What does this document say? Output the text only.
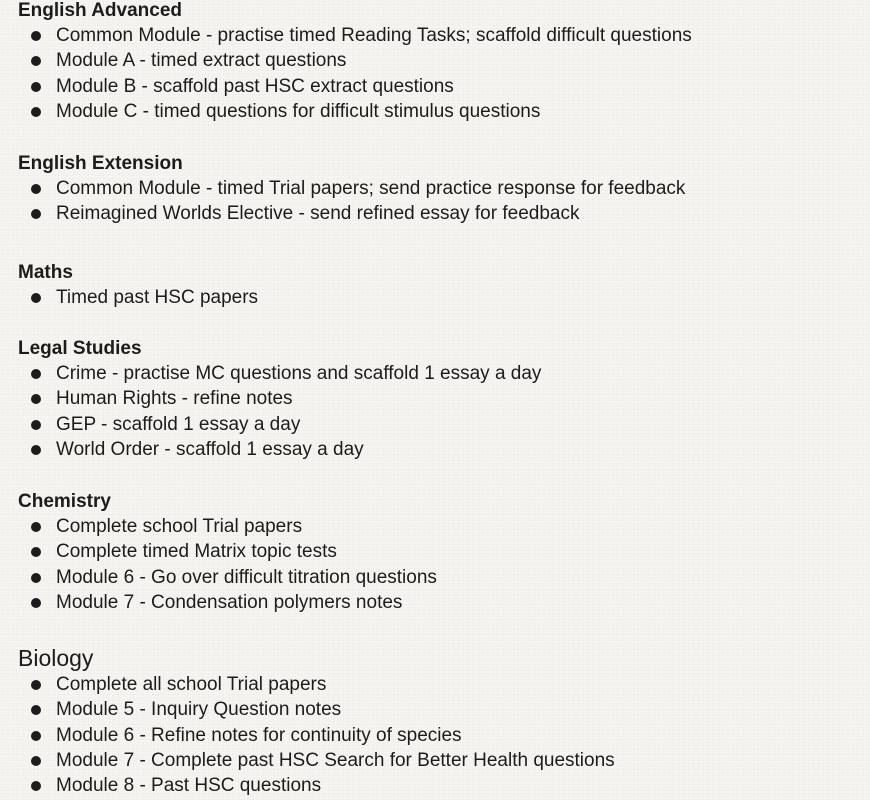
English Advanced
Common Module - practise timed Reading Tasks; scaffold difficult questions
Module A - timed extract questions
Module B - scaffold past HSC extract questions
Module C - timed questions for difficult stimulus questions
English Extension
Common Module - timed Trial papers; send practice response for feedback
Reimagined Worlds Elective - send refined essay for feedback
Maths
Timed past HSC papers
Legal Studies
Crime - practise MC questions and scaffold 1 essay a day
Human Rights - refine notes
GEP - scaffold 1 essay a day
World Order - scaffold 1 essay a day
Chemistry
Complete school Trial papers
Complete timed Matrix topic tests
Module 6 - Go over difficult titration questions
Module 7 - Condensation polymers notes
Biology
Complete all school Trial papers
Module 5 - Inquiry Question notes
Module 6 - Refine notes for continuity of species
Module 7 - Complete past HSC Search for Better Health questions
Module 8 - Past HSC questions
